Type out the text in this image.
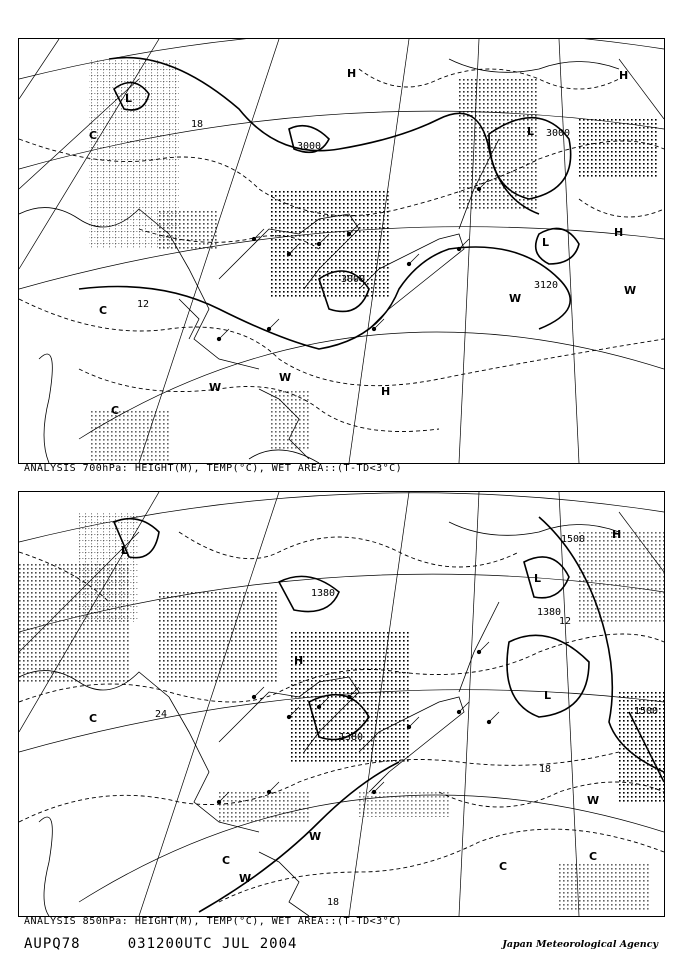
3000
3000
3000
3120
12
18
H
H
H
H
L
L
L
W
W
W
W
C
C
C
ANALYSIS 700hPa: HEIGHT(M), TEMP(°C), WET AREA::(T-TD<3°C)
1500
1500
1380
1380
1380
24
18
18
12
H
H
L
L
L
W
W
W
C
C	C
C
ANALYSIS 850hPa: HEIGHT(M), TEMP(°C), WET AREA::(T-TD<3°C)
AUPQ78	031200UTC JUL 2004	Japan Meteorological Agency
